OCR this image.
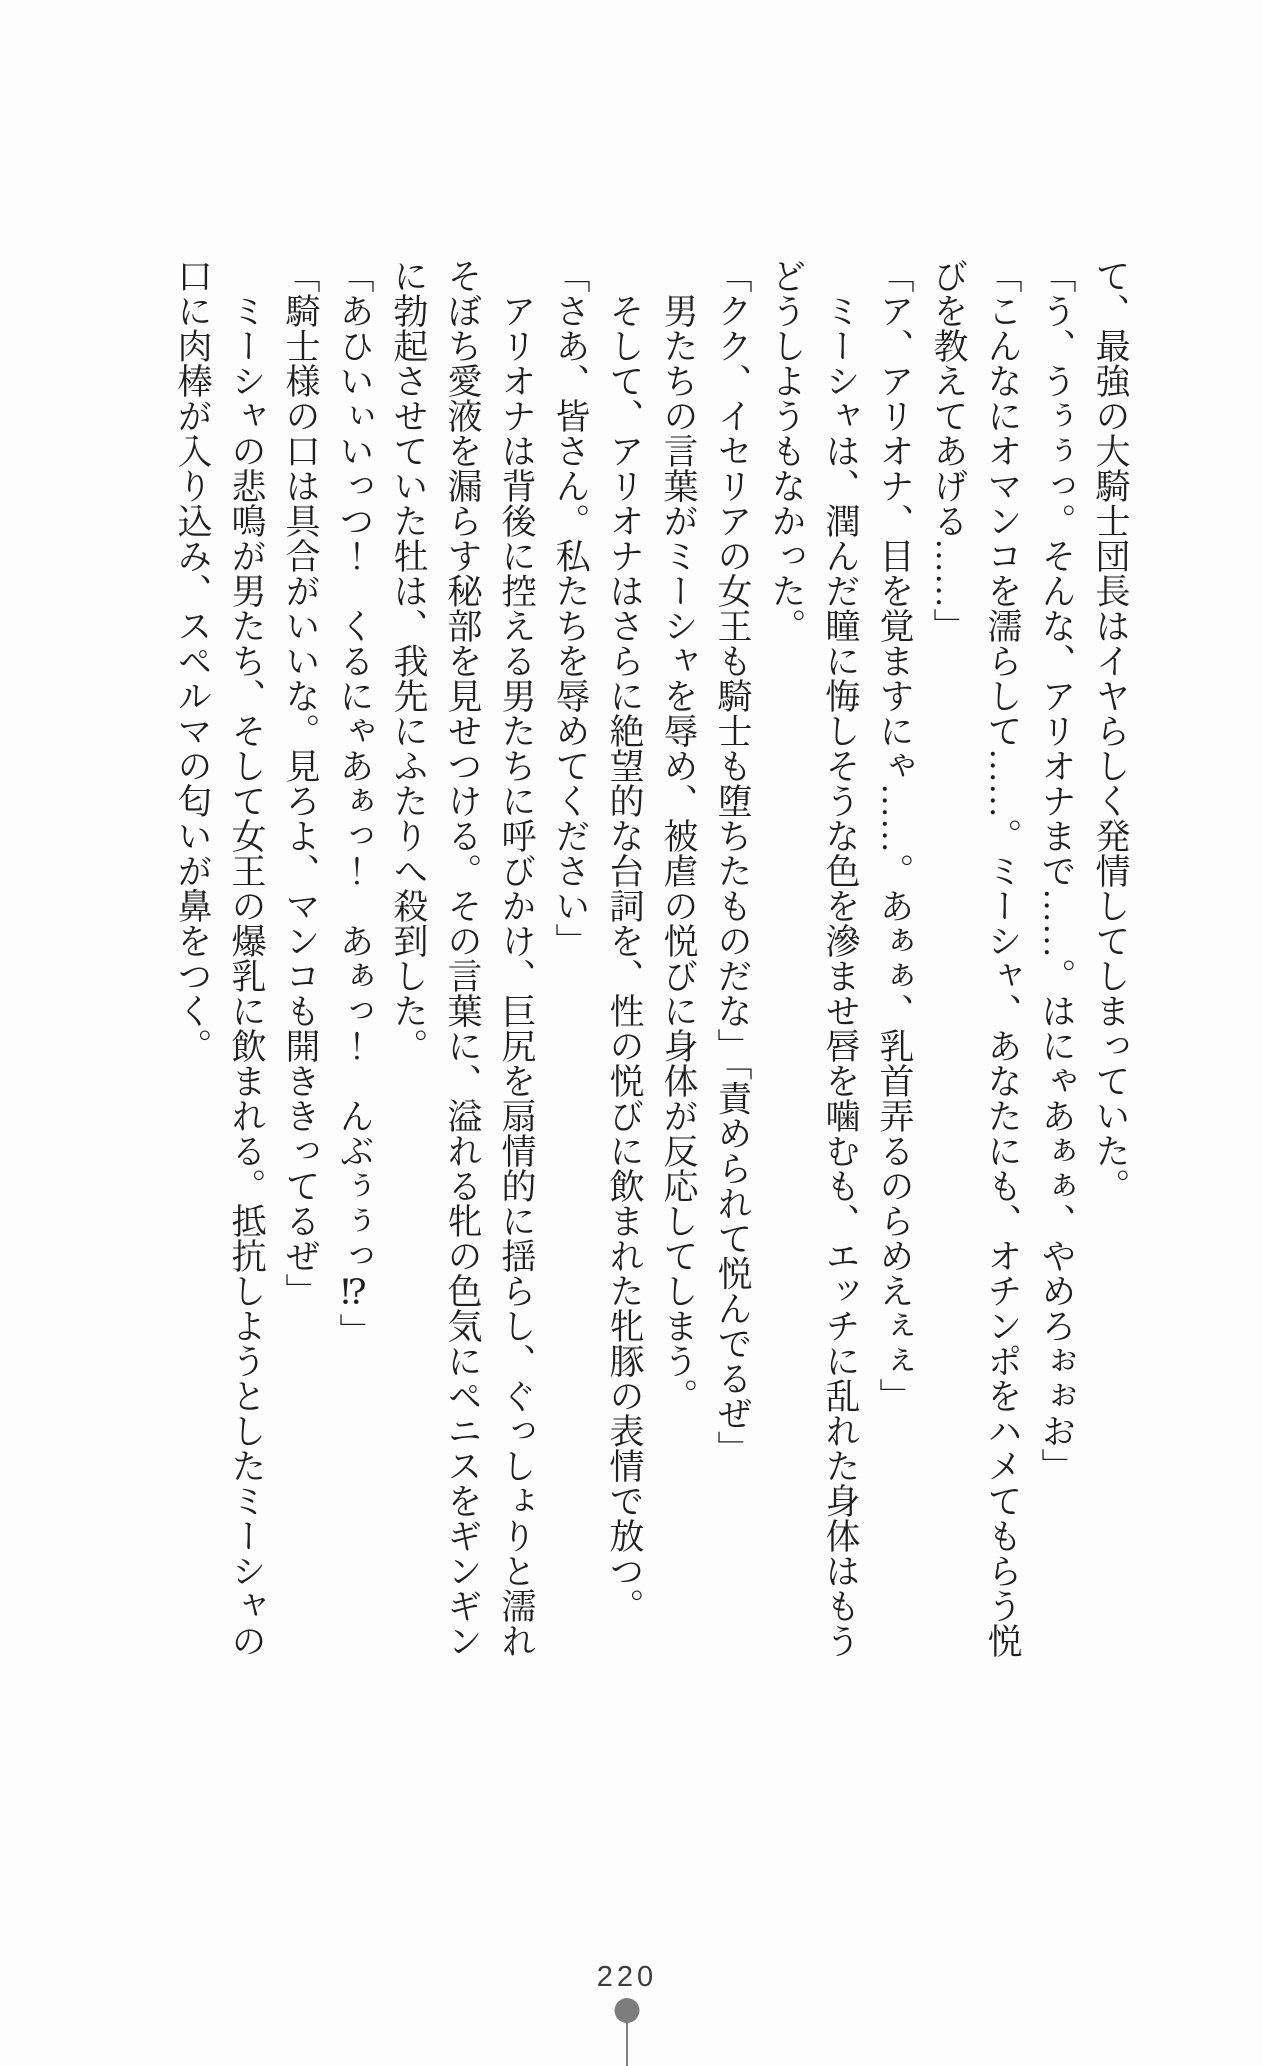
て、最強の大騎士団長はイヤらしく発情してしまっていた。
「う、うぅぅっ。そんな、アリオナまで……。はにゃあぁぁ、やめろぉぉお」
「こんなにオマンコを濡らして……。ミーシャ、あなたにも、オチンポをハメてもらう悦
びを教えてあげる……」
「ア、アリオナ、目を覚ますにゃ……。あぁぁ、乳首弄るのらめえぇぇ」
　ミーシャは、潤んだ瞳に悔しそうな色を滲ませ唇を噛むも、エッチに乱れた身体はもう
どうしようもなかった。
「クク、イセリアの女王も騎士も堕ちたものだな」「責められて悦んでるぜ」
　男たちの言葉がミーシャを辱め、被虐の悦びに身体が反応してしまう。
　そして、アリオナはさらに絶望的な台詞を、性の悦びに飲まれた牝豚の表情で放つ。
「さあ、皆さん。私たちを辱めてください」
　アリオナは背後に控える男たちに呼びかけ、巨尻を扇情的に揺らし、ぐっしょりと濡れ
そぼち愛液を漏らす秘部を見せつける。その言葉に、溢れる牝の色気にペニスをギンギン
に勃起させていた牡は、我先にふたりへ殺到した。
「あひいぃいっつ！　くるにゃあぁっ！　あぁっ！　んぶぅぅっ⁉」
「騎士様の口は具合がいいな。見ろよ、マンコも開ききってるぜ」
　ミーシャの悲鳴が男たち、そして女王の爆乳に飲まれる。抵抗しようとしたミーシャの
口に肉棒が入り込み、スペルマの匂いが鼻をつく。
220
